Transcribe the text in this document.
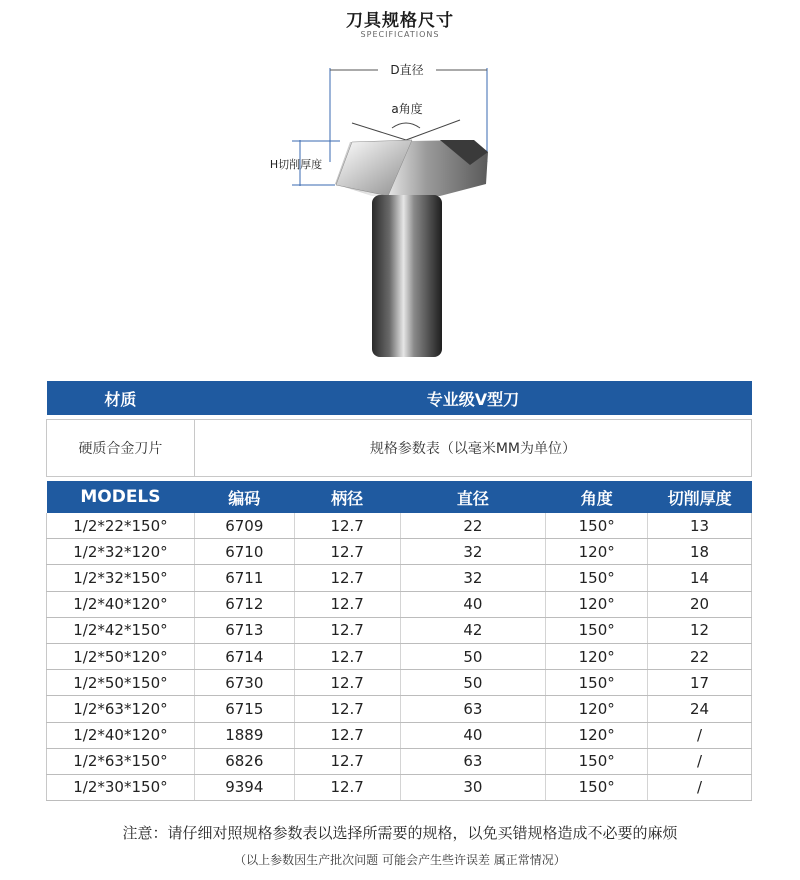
刀具规格尺寸
SPECIFICATIONS
D直径
a角度
H切削厚度
材质	专业级V型刀				

硬质合金刀片	规格参数表（以毫米MM为单位）				

MODELS	编码	柄径	直径	角度	切削厚度
1/2*22*150°	6709	12.7	22	150°	13
1/2*32*120°	6710	12.7	32	120°	18
1/2*32*150°	6711	12.7	32	150°	14
1/2*40*120°	6712	12.7	40	120°	20
1/2*42*150°	6713	12.7	42	150°	12
1/2*50*120°	6714	12.7	50	120°	22
1/2*50*150°	6730	12.7	50	150°	17
1/2*63*120°	6715	12.7	63	120°	24
1/2*40*120°	1889	12.7	40	120°	/
1/2*63*150°	6826	12.7	63	150°	/
1/2*30*150°	9394	12.7	30	150°	/
注意：请仔细对照规格参数表以选择所需要的规格，以免买错规格造成不必要的麻烦
（以上参数因生产批次问题 可能会产生些许误差 属正常情况）
